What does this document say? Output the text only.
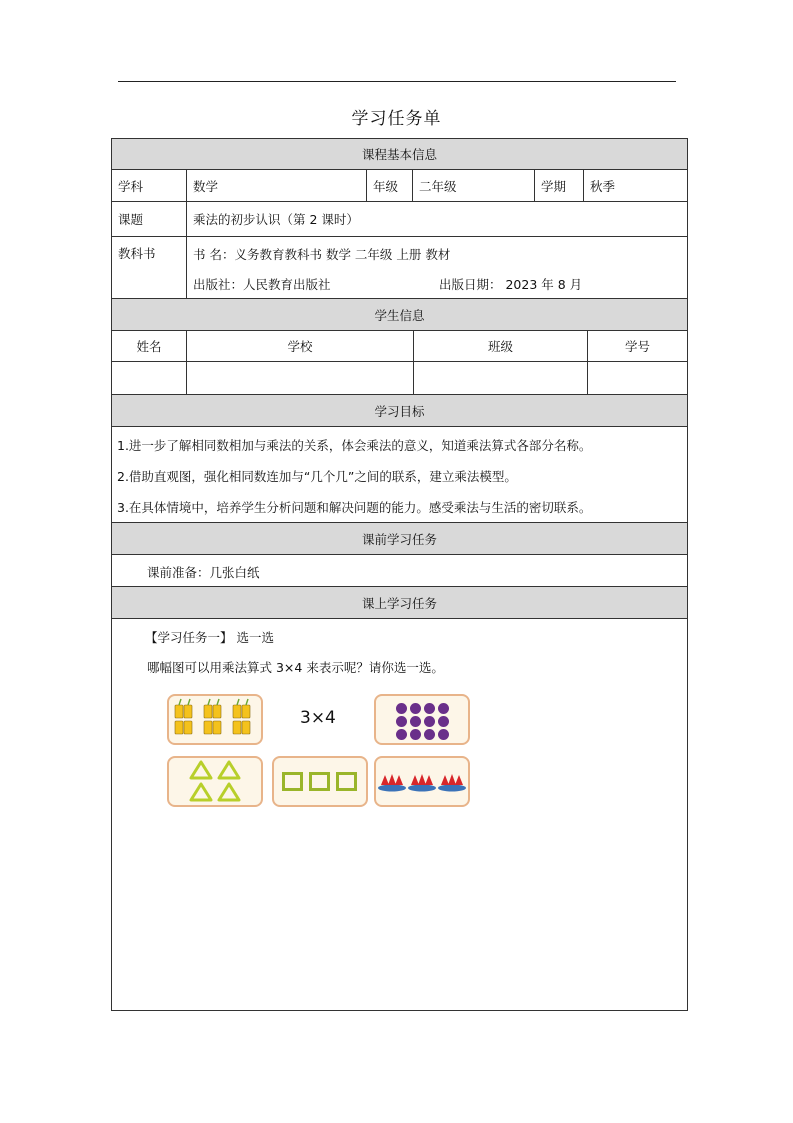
学习任务单
课程基本信息
学科	数学	年级	二年级	学期	秋季
课题	乘法的初步认识（第 2 课时）
教科书	书 名：义务教育教科书 数学 二年级 上册 教材
出版社：人民教育出版社	出版日期： 2023 年 8 月
学生信息
姓名	学校	班级	学号
学习目标
1.进一步了解相同数相加与乘法的关系，体会乘法的意义，知道乘法算式各部分名称。
2.借助直观图，强化相同数连加与“几个几”之间的联系，建立乘法模型。
3.在具体情境中，培养学生分析问题和解决问题的能力。感受乘法与生活的密切联系。
课前学习任务
课前准备：几张白纸
课上学习任务
【学习任务一】 选一选
哪幅图可以用乘法算式 3×4 来表示呢？请你选一选。
3×4
